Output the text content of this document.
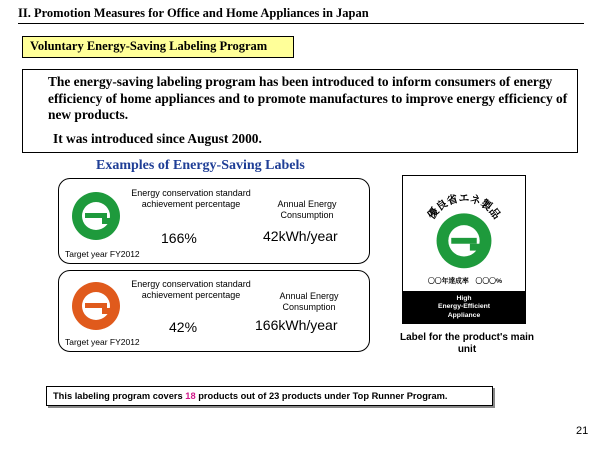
II. Promotion Measures for Office and Home Appliances in Japan
Voluntary Energy-Saving Labeling Program

The energy-saving labeling program has been introduced to inform consumers of energy efficiency of home appliances and to promote manufactures to improve energy efficiency of new products.

It was introduced since August 2000.

Examples of Energy-Saving Labels
Energy conservation standard achievement percentage
166%
Annual Energy Consumption
42kWh/year
Target year FY2012
Energy conservation standard achievement percentage
42%
Annual Energy Consumption
166kWh/year
Target year FY2012
優良省エネ製品
〇〇年達成率　〇〇〇%
High
Energy-Efficient
Appliance
Label for the product's main unit
This labeling program covers 18 products out of 23 products under Top Runner Program.
21
